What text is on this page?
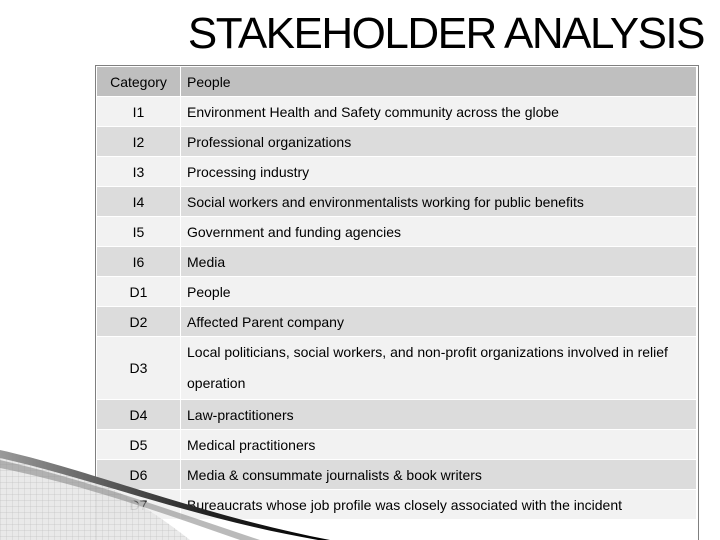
STAKEHOLDER ANALYSIS
Category	People
I1	Environment Health and Safety community across the globe
I2	Professional organizations
I3	Processing industry
I4	Social workers and environmentalists working for public benefits
I5	Government and funding agencies
I6	Media
D1	People
D2	Affected Parent company
D3	Local politicians, social workers, and non-profit organizations involved in relief operation
D4	Law-practitioners
D5	Medical practitioners
D6	Media & consummate journalists & book writers
	Bureaucrats whose job profile was closely associated with the incident
